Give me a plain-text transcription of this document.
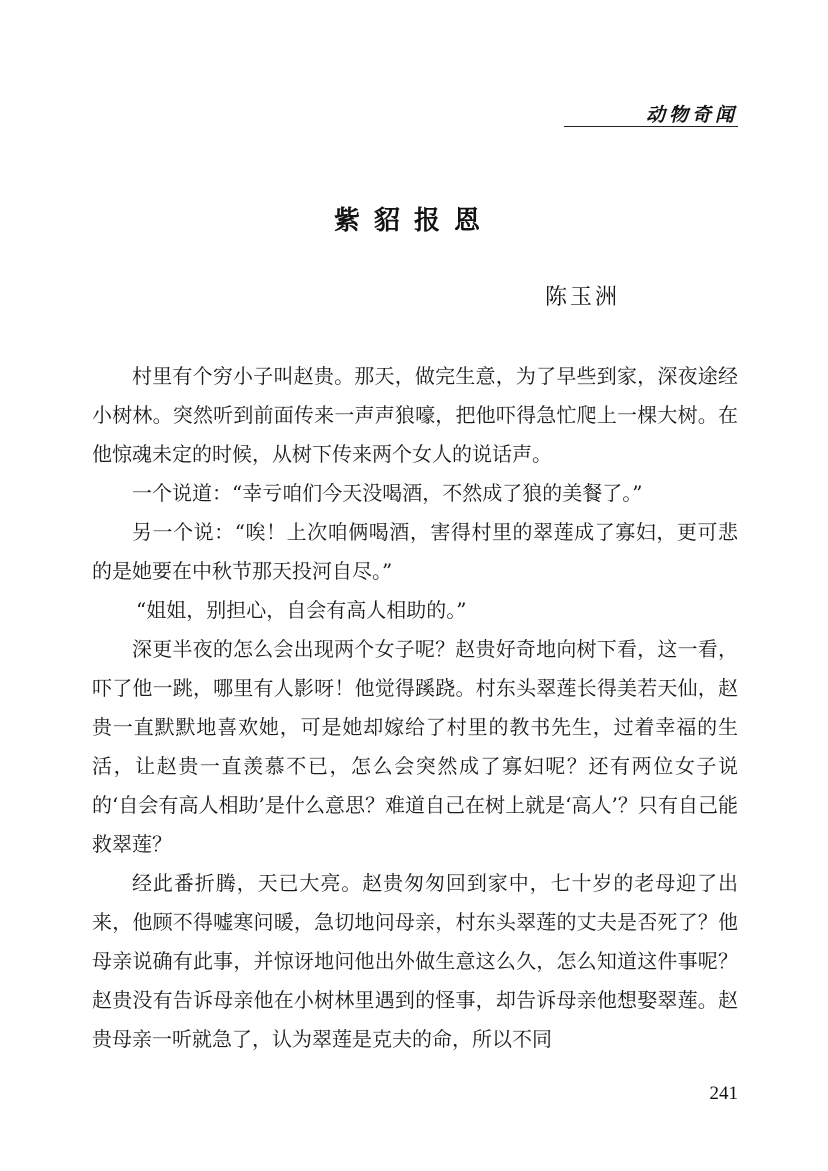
动物奇闻
紫貂报恩
陈玉洲

村里有个穷小子叫赵贵。那天，做完生意，为了早些到家，深夜途经小树林。突然听到前面传来一声声狼嚎，把他吓得急忙爬上一棵大树。在他惊魂未定的时候，从树下传来两个女人的说话声。

一个说道：“幸亏咱们今天没喝酒，不然成了狼的美餐了。”

另一个说：“唉！上次咱俩喝酒，害得村里的翠莲成了寡妇，更可悲的是她要在中秋节那天投河自尽。”

“姐姐，别担心，自会有高人相助的。”

深更半夜的怎么会出现两个女子呢？赵贵好奇地向树下看，这一看，吓了他一跳，哪里有人影呀！他觉得蹊跷。村东头翠莲长得美若天仙，赵贵一直默默地喜欢她，可是她却嫁给了村里的教书先生，过着幸福的生活，让赵贵一直羡慕不已，怎么会突然成了寡妇呢？还有两位女子说的‘自会有高人相助’是什么意思？难道自己在树上就是‘高人’？只有自己能救翠莲？

经此番折腾，天已大亮。赵贵匆匆回到家中，七十岁的老母迎了出来，他顾不得嘘寒问暖，急切地问母亲，村东头翠莲的丈夫是否死了？他母亲说确有此事，并惊讶地问他出外做生意这么久，怎么知道这件事呢？赵贵没有告诉母亲他在小树林里遇到的怪事，却告诉母亲他想娶翠莲。赵贵母亲一听就急了，认为翠莲是克夫的命，所以不同

241
